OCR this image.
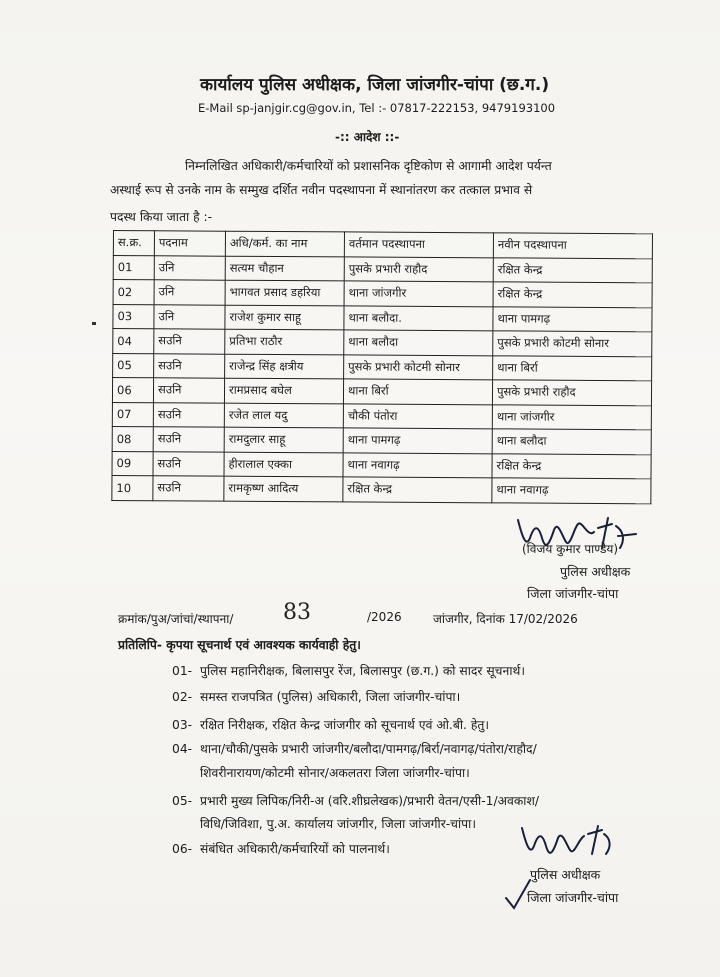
कार्यालय पुलिस अधीक्षक, जिला जांजगीर-चांपा (छ.ग.)
E-Mail sp-janjgir.cg@gov.in, Tel :- 07817-222153, 9479193100
-:: आदेश ::-
निम्नलिखित अधिकारी/कर्मचारियों को प्रशासनिक दृष्टिकोण से आगामी आदेश पर्यन्त
अस्थाई रूप से उनके नाम के सम्मुख दर्शित नवीन पदस्थापना में स्थानांतरण कर तत्काल प्रभाव से
पदस्थ किया जाता है :-
स.क्र.	पदनाम	अधि/कर्म. का नाम	वर्तमान पदस्थापना	नवीन पदस्थापना
01	उनि	सत्यम चौहान	पुसके प्रभारी राहौद	रक्षित केन्द्र
02	उनि	भागवत प्रसाद डहरिया	थाना जांजगीर	रक्षित केन्द्र
03	उनि	राजेश कुमार साहू	थाना बलौदा.	थाना पामगढ़
04	सउनि	प्रतिभा राठौर	थाना बलौदा	पुसके प्रभारी कोटमी सोनार
05	सउनि	राजेन्द्र सिंह क्षत्रीय	पुसके प्रभारी कोटमी सोनार	थाना बिर्रा
06	सउनि	रामप्रसाद बघेल	थाना बिर्रा	पुसके प्रभारी राहौद
07	सउनि	रजेत लाल यदु	चौकी पंतोरा	थाना जांजगीर
08	सउनि	रामदुलार साहू	थाना पामगढ़	थाना बलौदा
09	सउनि	हीरालाल एक्का	थाना नवागढ़	रक्षित केन्द्र
10	सउनि	रामकृष्ण आदित्य	रक्षित केन्द्र	थाना नवागढ़
(विजय कुमार पाण्डेय)
पुलिस अधीक्षक
जिला जांजगीर-चांपा
क्रमांक/पुअ/जांचां/स्थापना/ 83	/2026	जांजगीर, दिनांक 17/02/2026
प्रतिलिपि- कृपया सूचनार्थ एवं आवश्यक कार्यवाही हेतु।
01- पुलिस महानिरीक्षक, बिलासपुर रेंज, बिलासपुर (छ.ग.) को सादर सूचनार्थ।
02- समस्त राजपत्रित (पुलिस) अधिकारी, जिला जांजगीर-चांपा।
03- रक्षित निरीक्षक, रक्षित केन्द्र जांजगीर को सूचनार्थ एवं ओ.बी. हेतु।
04- थाना/चौकी/पुसके प्रभारी जांजगीर/बलौदा/पामगढ़/बिर्रा/नवागढ़/पंतोरा/राहौद/
शिवरीनारायण/कोटमी सोनार/अकलतरा जिला जांजगीर-चांपा।
05- प्रभारी मुख्य लिपिक/निरी-अ (वरि.शीघ्रलेखक)/प्रभारी वेतन/एसी-1/अवकाश/
विधि/जिविशा, पु.अ. कार्यालय जांजगीर, जिला जांजगीर-चांपा।
06- संबंधित अधिकारी/कर्मचारियों को पालनार्थ।
पुलिस अधीक्षक
जिला जांजगीर-चांपा
